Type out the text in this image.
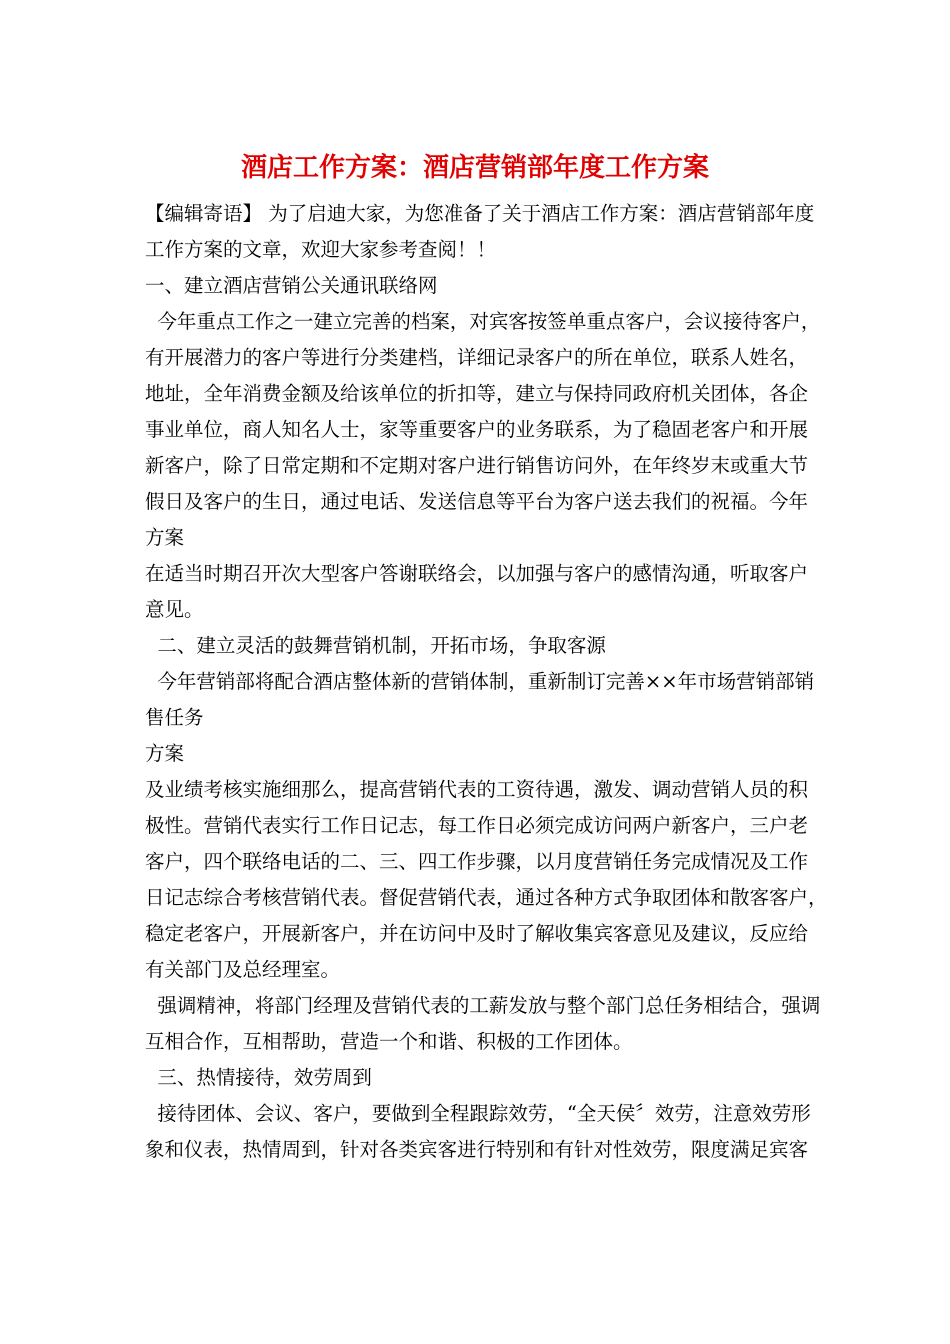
酒店工作方案：酒店营销部年度工作方案
【编辑寄语】 为了启迪大家，为您准备了关于酒店工作方案：酒店营销部年度
工作方案的文章，欢迎大家参考查阅！！
一、建立酒店营销公关通讯联络网
今年重点工作之一建立完善的档案，对宾客按签单重点客户，会议接待客户，
有开展潜力的客户等进行分类建档，详细记录客户的所在单位，联系人姓名，
地址，全年消费金额及给该单位的折扣等，建立与保持同政府机关团体，各企
事业单位，商人知名人士，家等重要客户的业务联系，为了稳固老客户和开展
新客户，除了日常定期和不定期对客户进行销售访问外，在年终岁末或重大节
假日及客户的生日，通过电话、发送信息等平台为客户送去我们的祝福。今年
方案
在适当时期召开次大型客户答谢联络会，以加强与客户的感情沟通，听取客户
意见。
二、建立灵活的鼓舞营销机制，开拓市场，争取客源
今年营销部将配合酒店整体新的营销体制，重新制订完善××年市场营销部销
售任务
方案
及业绩考核实施细那么，提高营销代表的工资待遇，激发、调动营销人员的积
极性。营销代表实行工作日记志，每工作日必须完成访问两户新客户，三户老
客户，四个联络电话的二、三、四工作步骤，以月度营销任务完成情况及工作
日记志综合考核营销代表。督促营销代表，通过各种方式争取团体和散客客户，
稳定老客户，开展新客户，并在访问中及时了解收集宾客意见及建议，反应给
有关部门及总经理室。
强调精神，将部门经理及营销代表的工薪发放与整个部门总任务相结合，强调
互相合作，互相帮助，营造一个和谐、积极的工作团体。
三、热情接待，效劳周到
接待团体、会议、客户，要做到全程跟踪效劳，“全天侯〞效劳，注意效劳形
象和仪表，热情周到，针对各类宾客进行特别和有针对性效劳，限度满足宾客
